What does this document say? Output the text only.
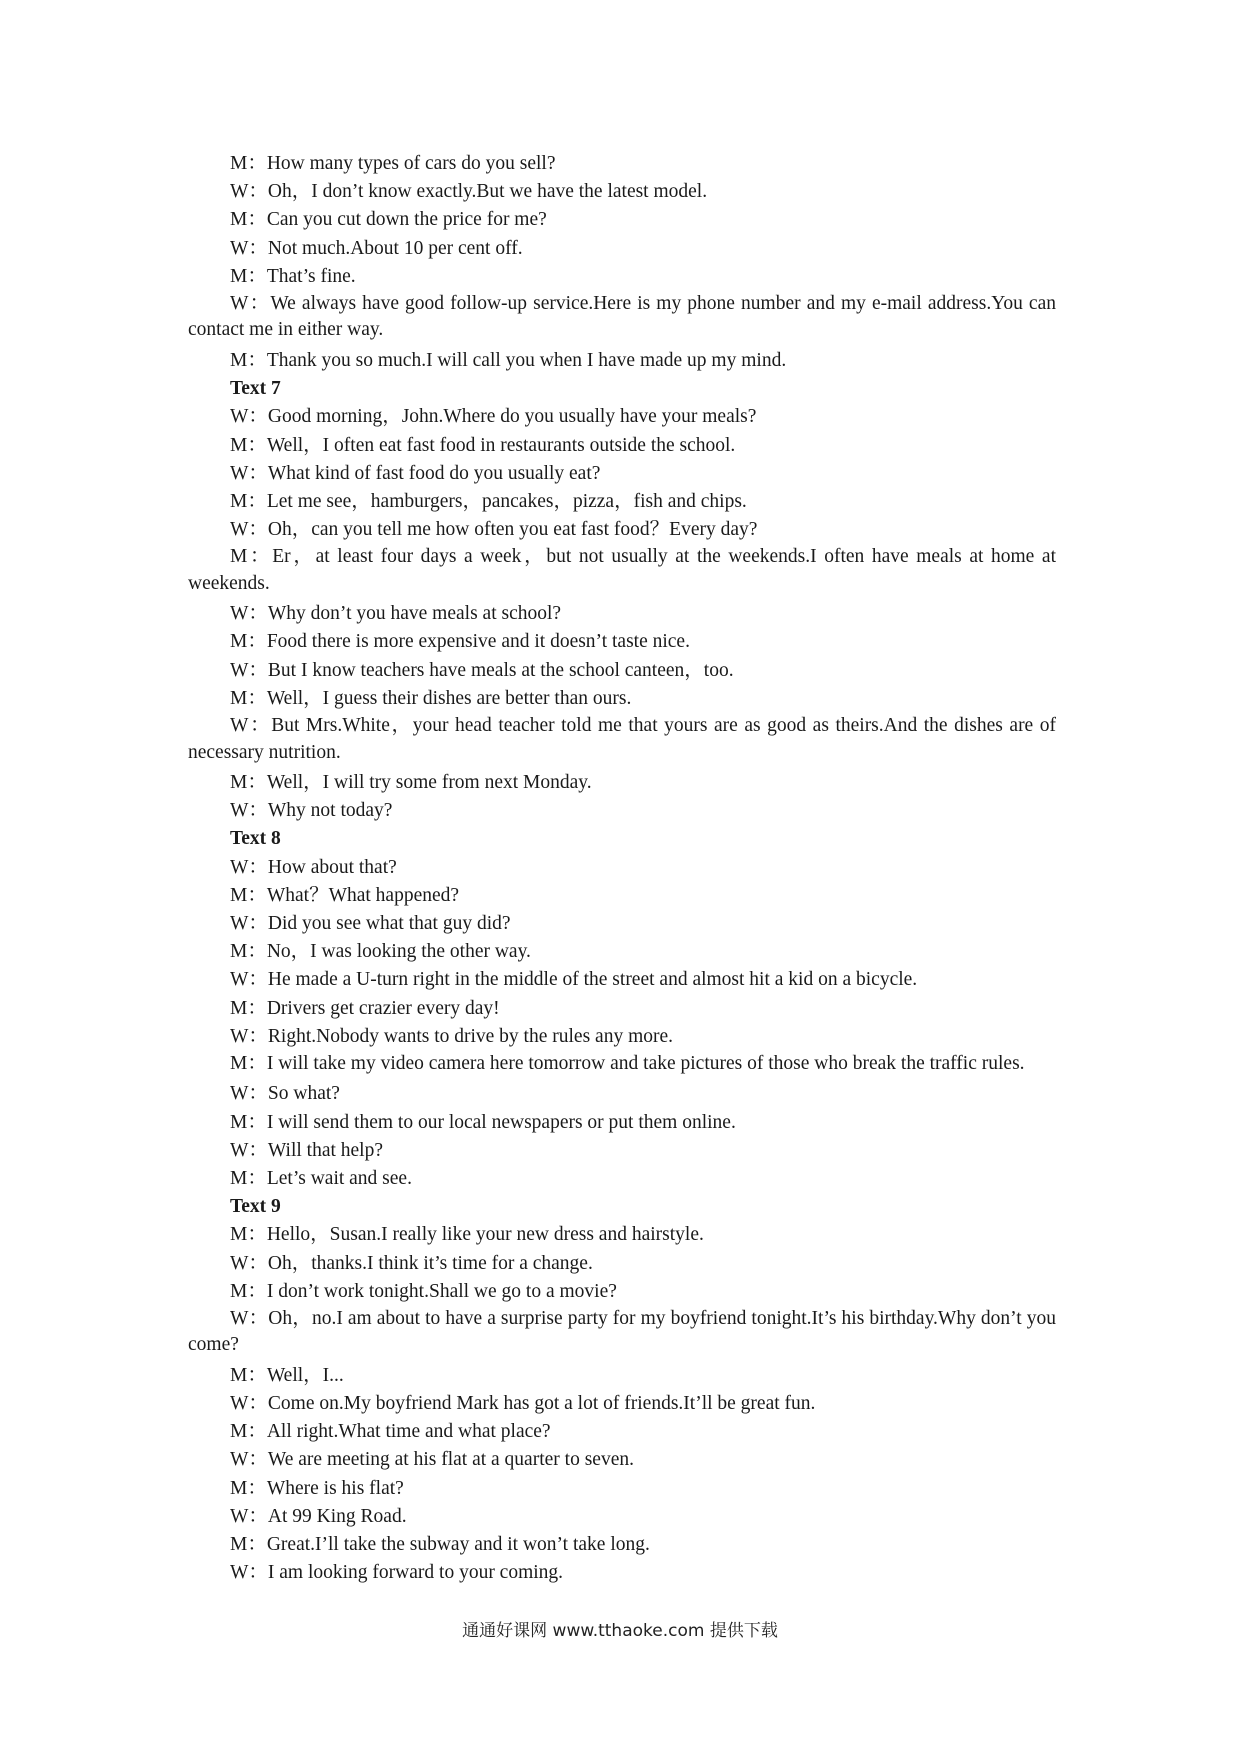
M：How many types of cars do you sell?
W：Oh，I don’t know exactly.But we have the latest model.
M：Can you cut down the price for me?
W：Not much.About 10 per cent off.
M：That’s fine.
W：We always have good follow-up service.Here is my phone number and my e-mail address.You can contact me in either way.
M：Thank you so much.I will call you when I have made up my mind.
Text 7
W：Good morning，John.Where do you usually have your meals?
M：Well，I often eat fast food in restaurants outside the school.
W：What kind of fast food do you usually eat?
M：Let me see，hamburgers，pancakes，pizza，fish and chips.
W：Oh，can you tell me how often you eat fast food？Every day?
M：Er，at least four days a week，but not usually at the weekends.I often have meals at home at weekends.
W：Why don’t you have meals at school?
M：Food there is more expensive and it doesn’t taste nice.
W：But I know teachers have meals at the school canteen，too.
M：Well，I guess their dishes are better than ours.
W：But Mrs.White，your head teacher told me that yours are as good as theirs.And the dishes are of necessary nutrition.
M：Well，I will try some from next Monday.
W：Why not today?
Text 8
W：How about that?
M：What？What happened?
W：Did you see what that guy did?
M：No，I was looking the other way.
W：He made a U-turn right in the middle of the street and almost hit a kid on a bicycle.
M：Drivers get crazier every day!
W：Right.Nobody wants to drive by the rules any more.
M：I will take my video camera here tomorrow and take pictures of those who break the traffic rules.
W：So what?
M：I will send them to our local newspapers or put them online.
W：Will that help?
M：Let’s wait and see.
Text 9
M：Hello，Susan.I really like your new dress and hairstyle.
W：Oh，thanks.I think it’s time for a change.
M：I don’t work tonight.Shall we go to a movie?
W：Oh，no.I am about to have a surprise party for my boyfriend tonight.It’s his birthday.Why don’t you come?
M：Well，I...
W：Come on.My boyfriend Mark has got a lot of friends.It’ll be great fun.
M：All right.What time and what place?
W：We are meeting at his flat at a quarter to seven.
M：Where is his flat?
W：At 99 King Road.
M：Great.I’ll take the subway and it won’t take long.
W：I am looking forward to your coming.
通通好课网 www.tthaoke.com 提供下载
